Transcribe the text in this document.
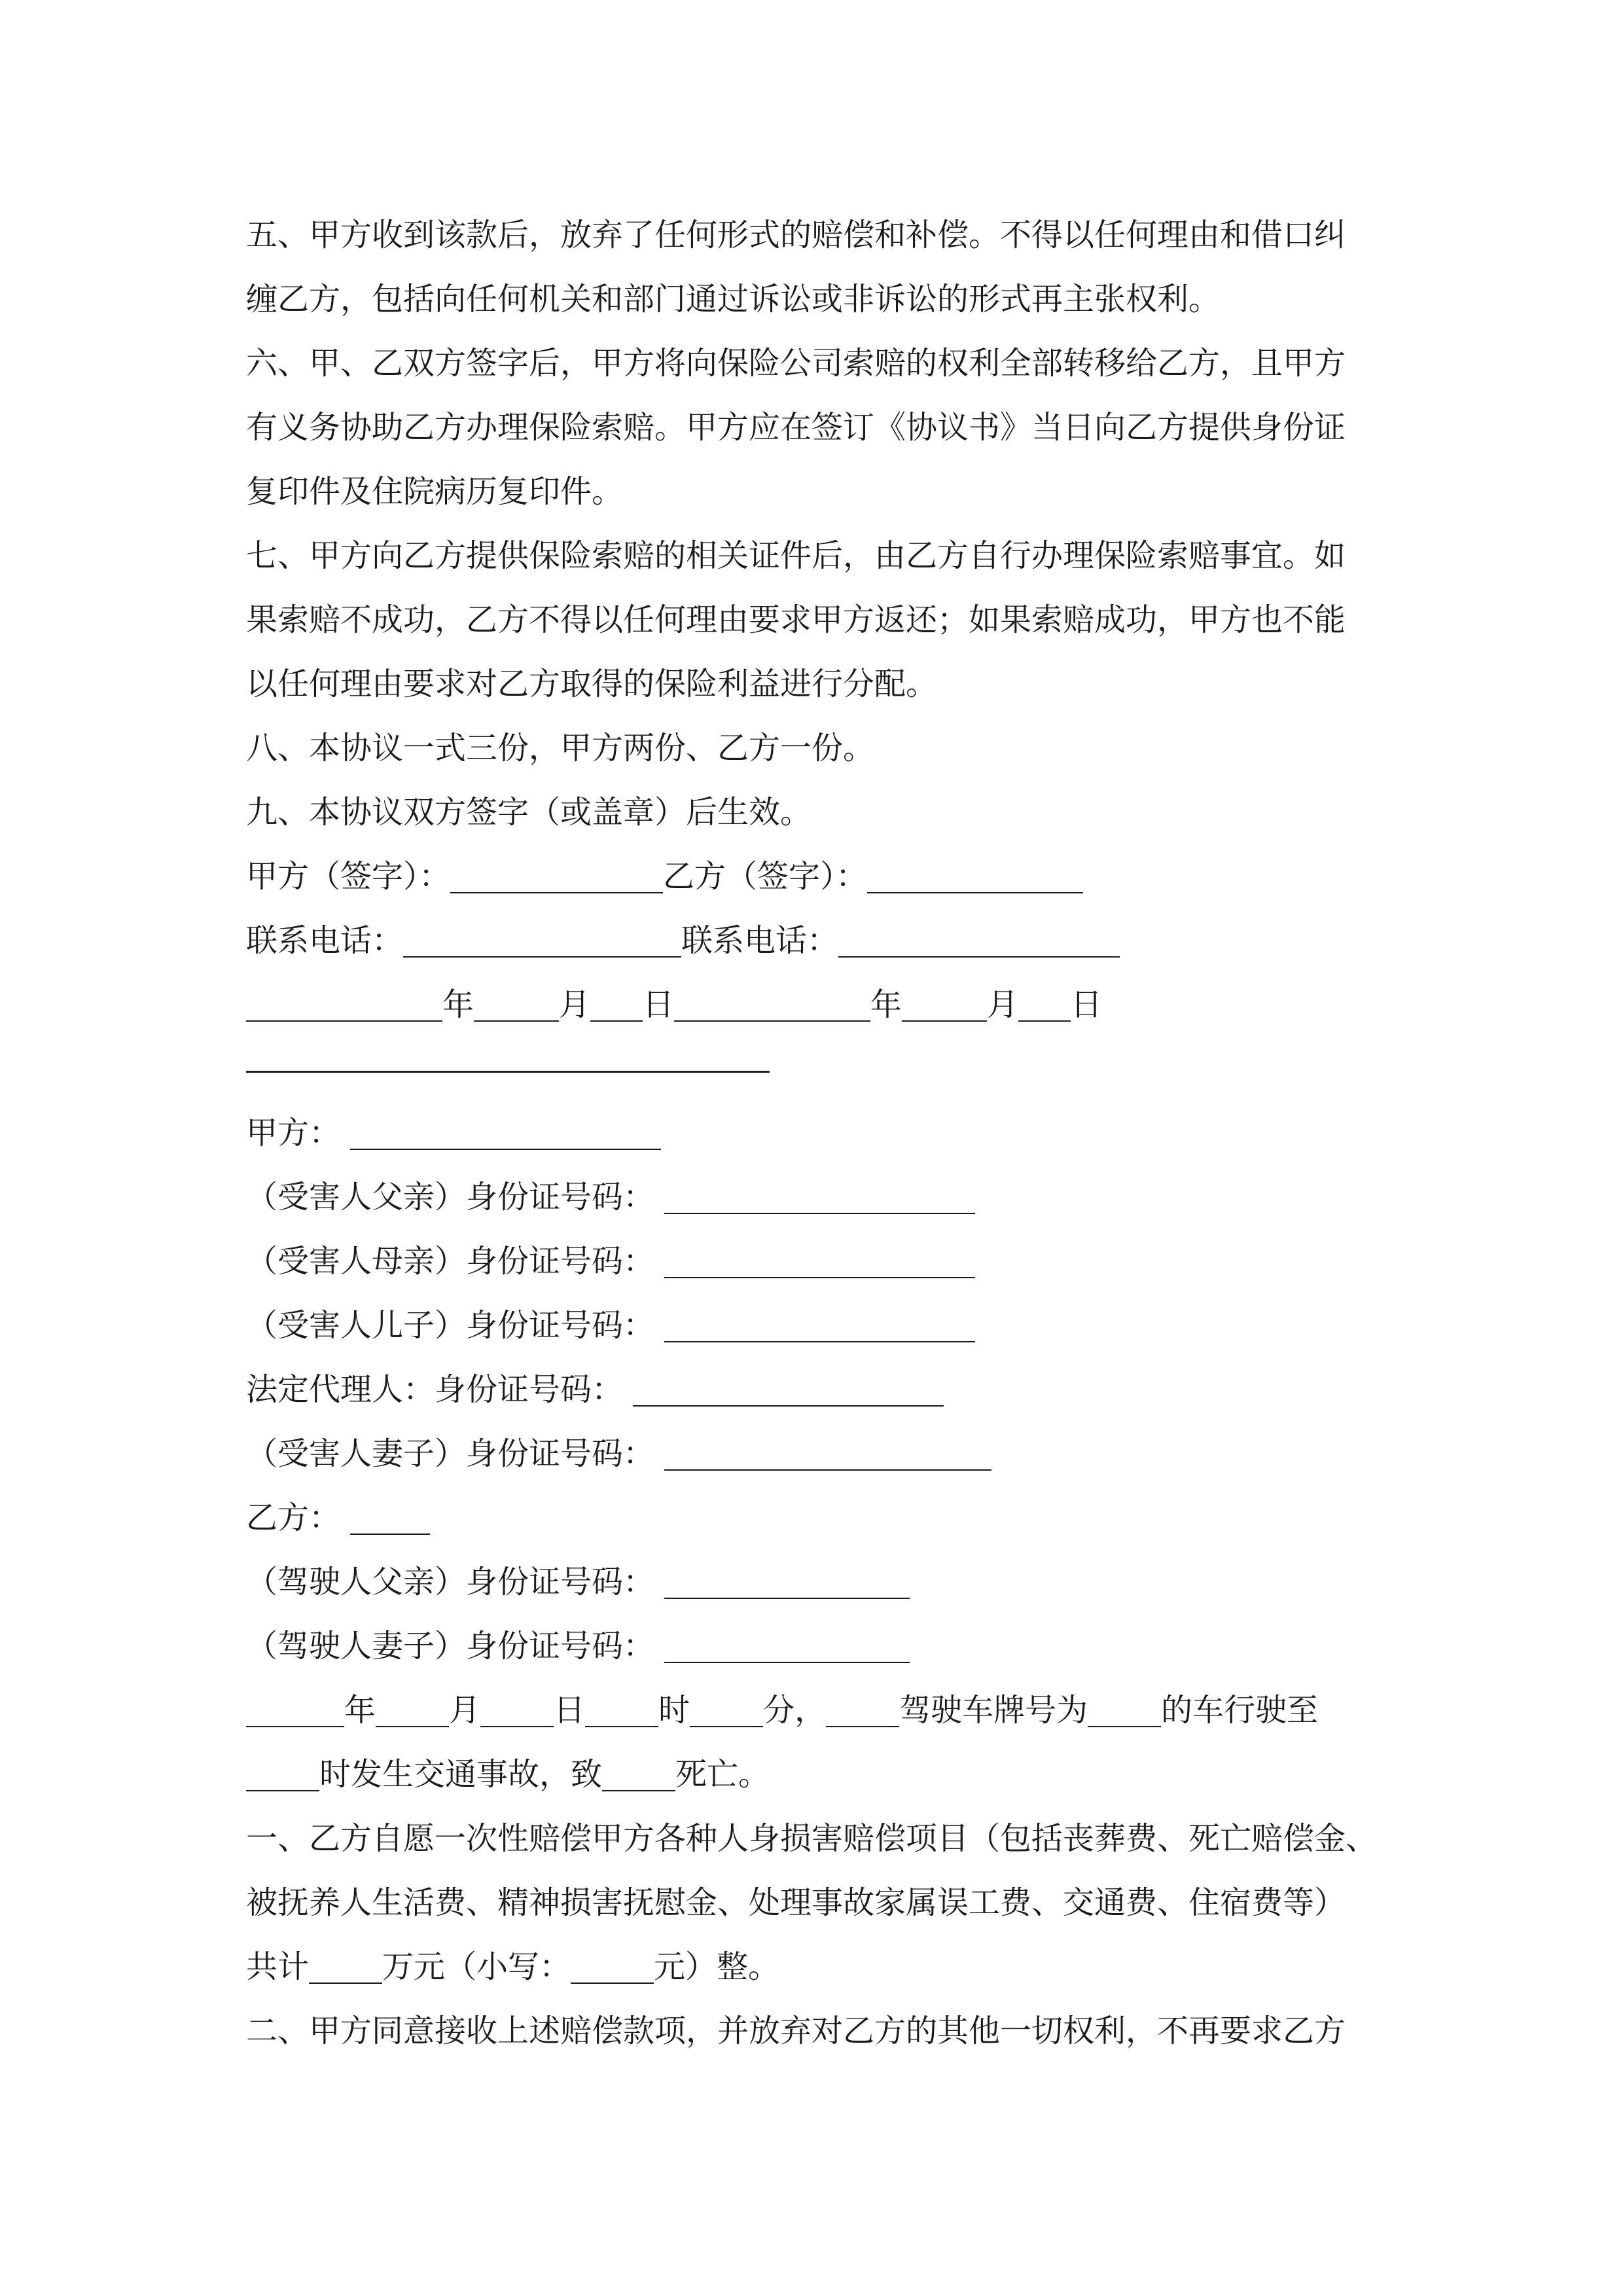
五、甲方收到该款后，放弃了任何形式的赔偿和补偿。不得以任何理由和借口纠
缠乙方，包括向任何机关和部门通过诉讼或非诉讼的形式再主张权利。
六、甲、乙双方签字后，甲方将向保险公司索赔的权利全部转移给乙方，且甲方
有义务协助乙方办理保险索赔。甲方应在签订《协议书》当日向乙方提供身份证
复印件及住院病历复印件。
七、甲方向乙方提供保险索赔的相关证件后，由乙方自行办理保险索赔事宜。如
果索赔不成功，乙方不得以任何理由要求甲方返还；如果索赔成功，甲方也不能
以任何理由要求对乙方取得的保险利益进行分配。
八、本协议一式三份，甲方两份、乙方一份。
九、本协议双方签字（或盖章）后生效。
甲方（签字）：	乙方（签字）：
联系电话：	联系电话：
年	月 日	年	月 日
甲方：
（受害人父亲）身份证号码：
（受害人母亲）身份证号码：
（受害人儿子）身份证号码：
法定代理人：身份证号码：
（受害人妻子）身份证号码：
乙方：
（驾驶人父亲）身份证号码：
（驾驶人妻子）身份证号码：
年 月 日 时 分， 驾驶车牌号为 的车行驶至
时发生交通事故，致 死亡。
一、乙方自愿一次性赔偿甲方各种人身损害赔偿项目（包括丧葬费、死亡赔偿金、
被抚养人生活费、精神损害抚慰金、处理事故家属误工费、交通费、住宿费等）
共计 万元（小写：	元）整。
二、甲方同意接收上述赔偿款项，并放弃对乙方的其他一切权利，不再要求乙方
